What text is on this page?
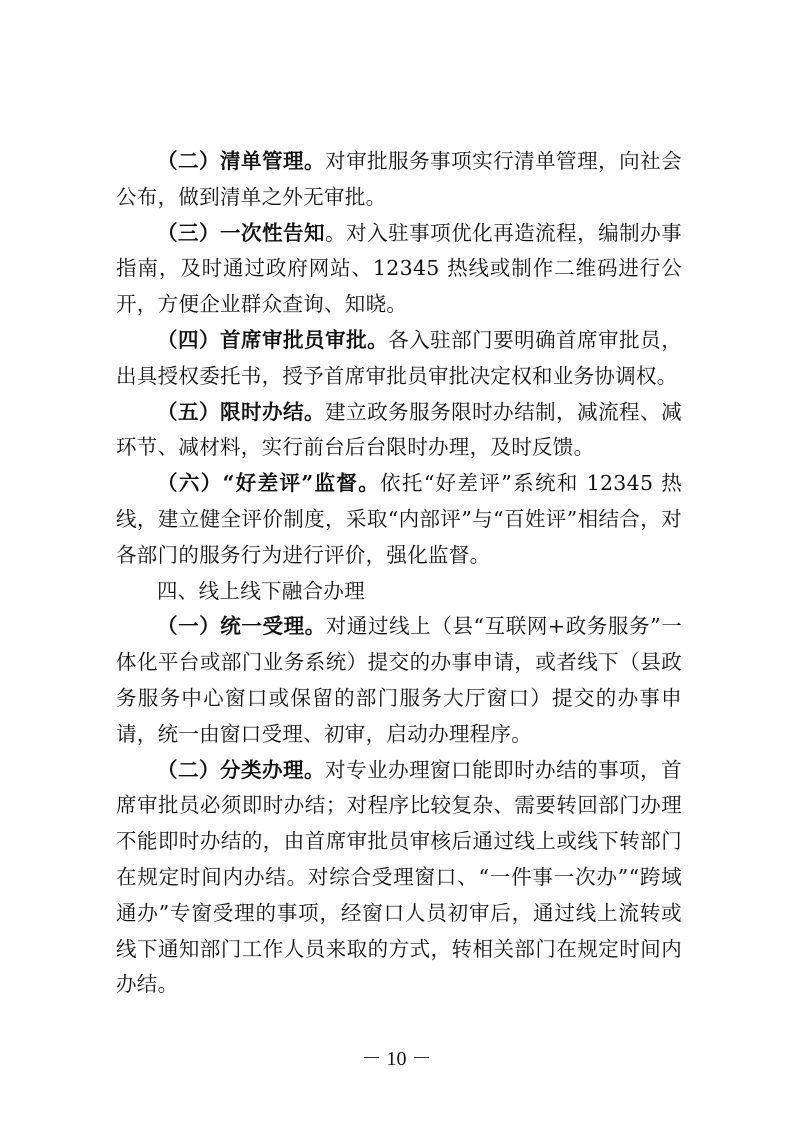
（二）清单管理。对审批服务事项实行清单管理，向社会公布，做到清单之外无审批。

（三）一次性告知。对入驻事项优化再造流程，编制办事指南，及时通过政府网站、12345 热线或制作二维码进行公开，方便企业群众查询、知晓。

（四）首席审批员审批。各入驻部门要明确首席审批员，出具授权委托书，授予首席审批员审批决定权和业务协调权。

（五）限时办结。建立政务服务限时办结制，减流程、减环节、减材料，实行前台后台限时办理，及时反馈。

（六）“好差评”监督。依托“好差评”系统和 12345 热线，建立健全评价制度，采取“内部评”与“百姓评”相结合，对各部门的服务行为进行评价，强化监督。

四、线上线下融合办理

（一）统一受理。对通过线上（县“互联网+政务服务”一体化平台或部门业务系统）提交的办事申请，或者线下（县政务服务中心窗口或保留的部门服务大厅窗口）提交的办事申请，统一由窗口受理、初审，启动办理程序。

（二）分类办理。对专业办理窗口能即时办结的事项，首席审批员必须即时办结；对程序比较复杂、需要转回部门办理不能即时办结的，由首席审批员审核后通过线上或线下转部门在规定时间内办结。对综合受理窗口、“一件事一次办”“跨域通办”专窗受理的事项，经窗口人员初审后，通过线上流转或线下通知部门工作人员来取的方式，转相关部门在规定时间内办结。

－ 10 －
